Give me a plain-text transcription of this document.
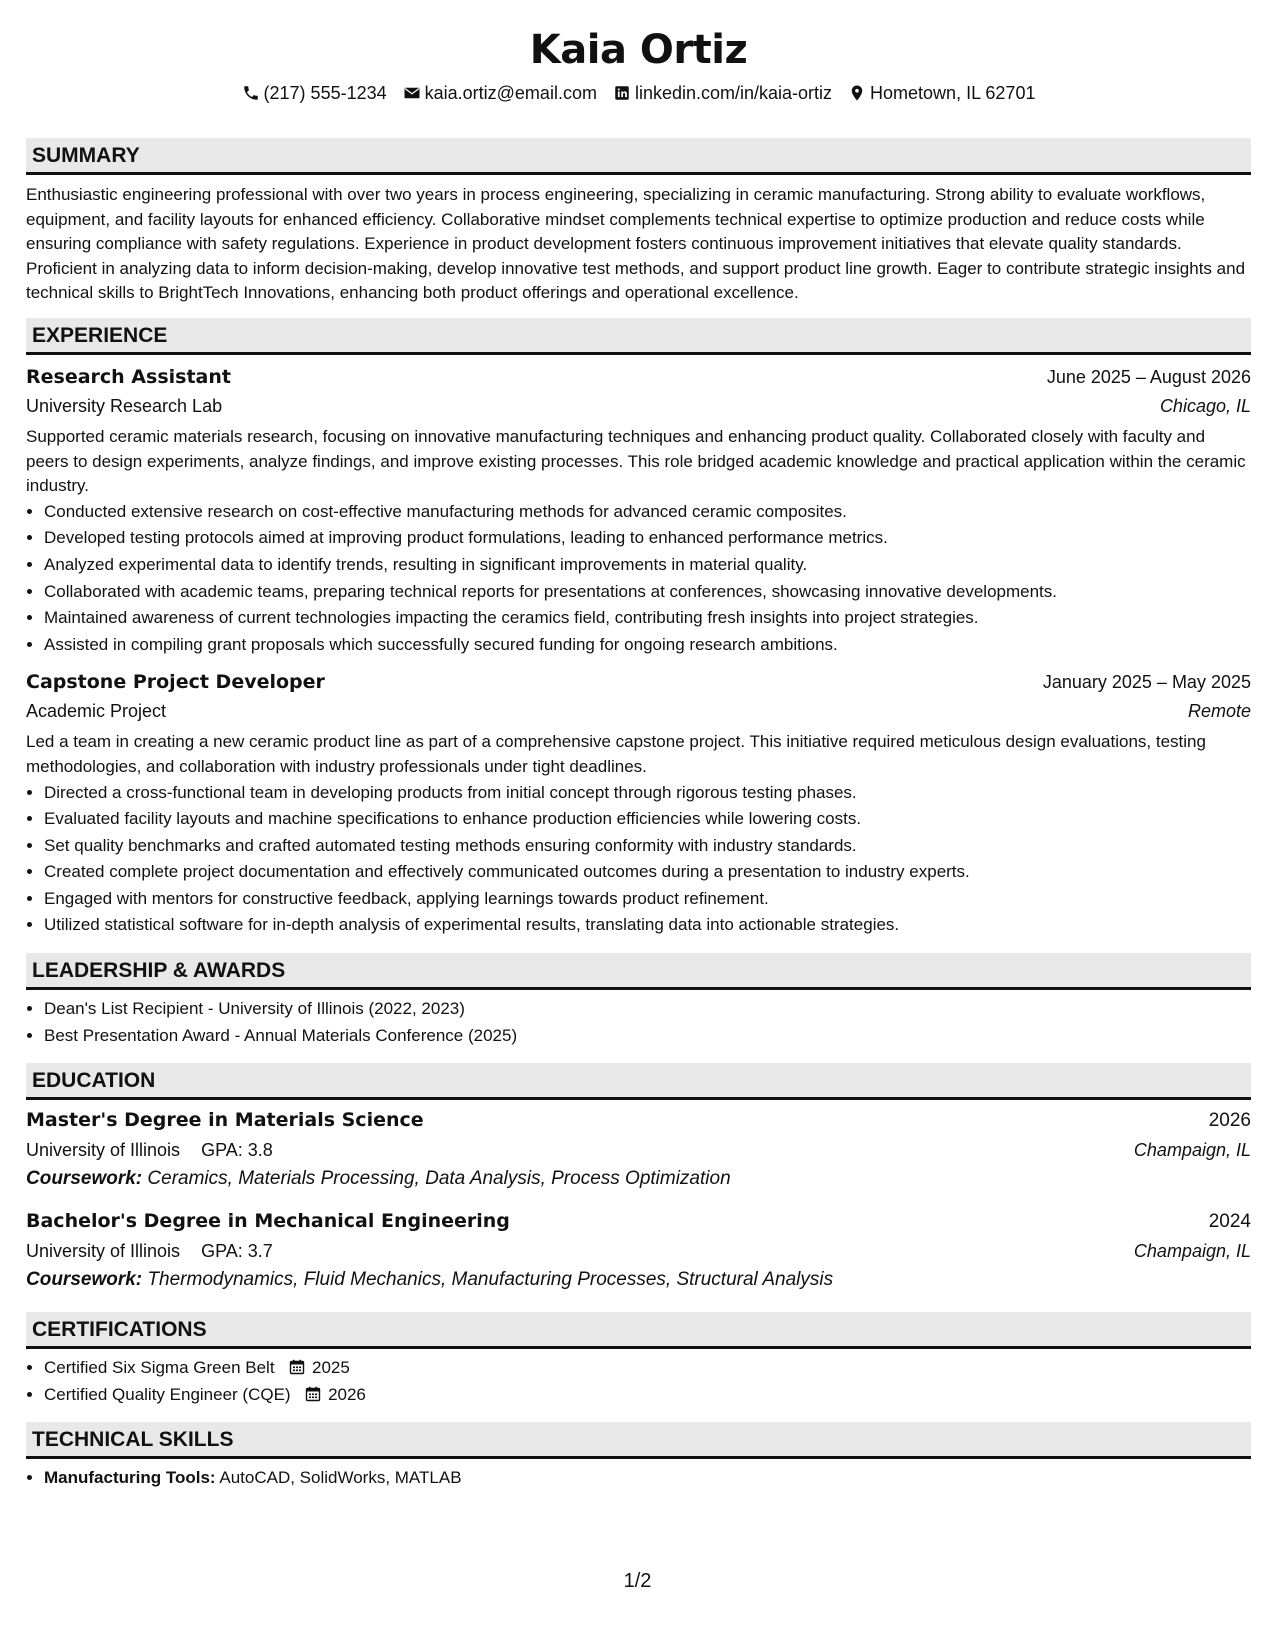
Kaia Ortiz
(217) 555-1234 kaia.ortiz@email.com linkedin.com/in/kaia-ortiz Hometown, IL 62701
SUMMARY
Enthusiastic engineering professional with over two years in process engineering, specializing in ceramic manufacturing. Strong ability to evaluate workflows, equipment, and facility layouts for enhanced efficiency. Collaborative mindset complements technical expertise to optimize production and reduce costs while ensuring compliance with safety regulations. Experience in product development fosters continuous improvement initiatives that elevate quality standards. Proficient in analyzing data to inform decision-making, develop innovative test methods, and support product line growth. Eager to contribute strategic insights and technical skills to BrightTech Innovations, enhancing both product offerings and operational excellence.
EXPERIENCE
Research Assistant	June 2025 – August 2026
University Research Lab	Chicago, IL
Supported ceramic materials research, focusing on innovative manufacturing techniques and enhancing product quality. Collaborated closely with faculty and peers to design experiments, analyze findings, and improve existing processes. This role bridged academic knowledge and practical application within the ceramic industry.
• Conducted extensive research on cost-effective manufacturing methods for advanced ceramic composites.
• Developed testing protocols aimed at improving product formulations, leading to enhanced performance metrics.
• Analyzed experimental data to identify trends, resulting in significant improvements in material quality.
• Collaborated with academic teams, preparing technical reports for presentations at conferences, showcasing innovative developments.
• Maintained awareness of current technologies impacting the ceramics field, contributing fresh insights into project strategies.
• Assisted in compiling grant proposals which successfully secured funding for ongoing research ambitions.
Capstone Project Developer	January 2025 – May 2025
Academic Project	Remote
Led a team in creating a new ceramic product line as part of a comprehensive capstone project. This initiative required meticulous design evaluations, testing methodologies, and collaboration with industry professionals under tight deadlines.
• Directed a cross-functional team in developing products from initial concept through rigorous testing phases.
• Evaluated facility layouts and machine specifications to enhance production efficiencies while lowering costs.
• Set quality benchmarks and crafted automated testing methods ensuring conformity with industry standards.
• Created complete project documentation and effectively communicated outcomes during a presentation to industry experts.
• Engaged with mentors for constructive feedback, applying learnings towards product refinement.
• Utilized statistical software for in-depth analysis of experimental results, translating data into actionable strategies.
LEADERSHIP & AWARDS
• Dean's List Recipient - University of Illinois (2022, 2023)
• Best Presentation Award - Annual Materials Conference (2025)
EDUCATION
Master's Degree in Materials Science	2026
University of Illinois GPA: 3.8	Champaign, IL
Coursework: Ceramics, Materials Processing, Data Analysis, Process Optimization
Bachelor's Degree in Mechanical Engineering	2024
University of Illinois GPA: 3.7	Champaign, IL
Coursework: Thermodynamics, Fluid Mechanics, Manufacturing Processes, Structural Analysis
CERTIFICATIONS
• Certified Six Sigma Green Belt 2025
• Certified Quality Engineer (CQE) 2026
TECHNICAL SKILLS
• Manufacturing Tools: AutoCAD, SolidWorks, MATLAB
1/2
